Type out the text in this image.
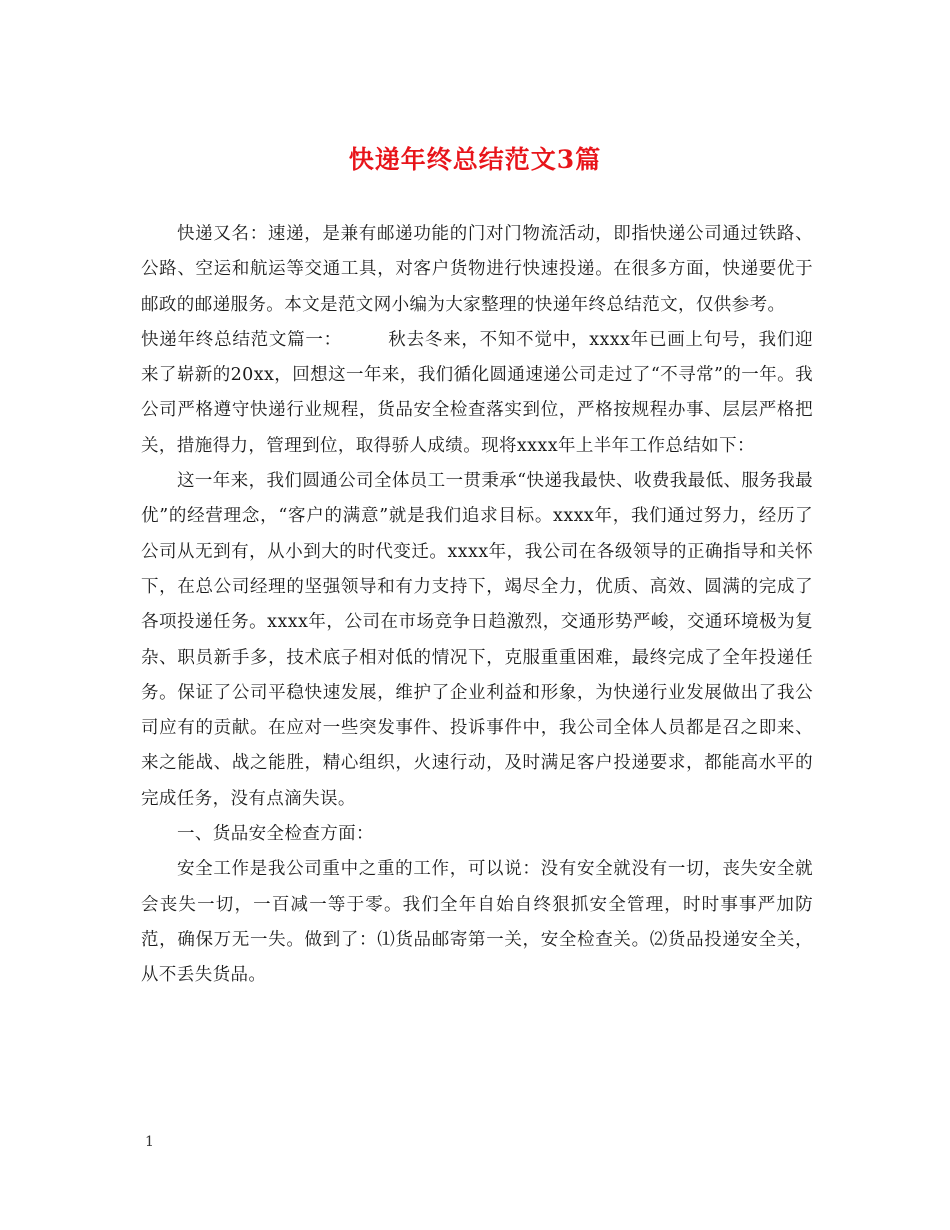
快递年终总结范文3篇

快递又名：速递，是兼有邮递功能的门对门物流活动，即指快递公司通过铁路、公路、空运和航运等交通工具，对客户货物进行快速投递。在很多方面，快递要优于邮政的邮递服务。本文是范文网小编为大家整理的快递年终总结范文，仅供参考。

快递年终总结范文篇一：	秋去冬来，不知不觉中，xxxx年已画上句号，我们迎来了崭新的20xx，回想这一年来，我们循化圆通速递公司走过了“不寻常”的一年。我公司严格遵守快递行业规程，货品安全检查落实到位，严格按规程办事、层层严格把关，措施得力，管理到位，取得骄人成绩。现将xxxx年上半年工作总结如下：

这一年来，我们圆通公司全体员工一贯秉承“快递我最快、收费我最低、服务我最优”的经营理念，“客户的满意”就是我们追求目标。xxxx年，我们通过努力，经历了公司从无到有，从小到大的时代变迁。xxxx年，我公司在各级领导的正确指导和关怀下，在总公司经理的坚强领导和有力支持下，竭尽全力，优质、高效、圆满的完成了各项投递任务。xxxx年，公司在市场竞争日趋激烈，交通形势严峻，交通环境极为复杂、职员新手多，技术底子相对低的情况下，克服重重困难，最终完成了全年投递任务。保证了公司平稳快速发展，维护了企业利益和形象，为快递行业发展做出了我公司应有的贡献。在应对一些突发事件、投诉事件中，我公司全体人员都是召之即来、来之能战、战之能胜，精心组织，火速行动，及时满足客户投递要求，都能高水平的完成任务，没有点滴失误。

一、货品安全检查方面：

安全工作是我公司重中之重的工作，可以说：没有安全就没有一切，丧失安全就会丧失一切，一百减一等于零。我们全年自始自终狠抓安全管理，时时事事严加防范，确保万无一失。做到了：⑴货品邮寄第一关，安全检查关。⑵货品投递安全关，从不丢失货品。

1
